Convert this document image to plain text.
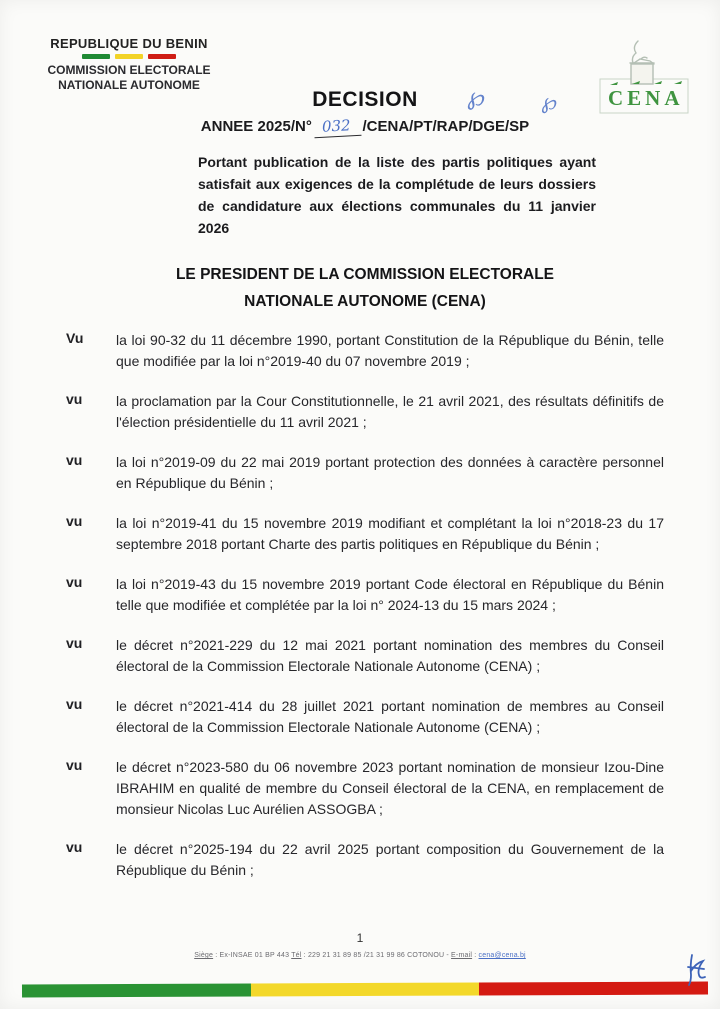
REPUBLIQUE DU BENIN
COMMISSION ELECTORALE
NATIONALE AUTONOME
CENA
℘ ℘
DECISION
ANNEE 2025/N° 032 /CENA/PT/RAP/DGE/SP
Portant publication de la liste des partis politiques ayant satisfait aux exigences de la complétude de leurs dossiers de candidature aux élections communales du 11 janvier 2026
LE PRESIDENT DE LA COMMISSION ELECTORALE
NATIONALE AUTONOME (CENA)
Vu	la loi 90-32 du 11 décembre 1990, portant Constitution de la République du Bénin, telle que modifiée par la loi n°2019-40 du 07 novembre 2019 ;
vu	la proclamation par la Cour Constitutionnelle, le 21 avril 2021, des résultats définitifs de l'élection présidentielle du 11 avril 2021 ;
vu	la loi n°2019-09 du 22 mai 2019 portant protection des données à caractère personnel en République du Bénin ;
vu	la loi n°2019-41 du 15 novembre 2019 modifiant et complétant la loi n°2018-23 du 17 septembre 2018 portant Charte des partis politiques en République du Bénin ;
vu	la loi n°2019-43 du 15 novembre 2019 portant Code électoral en République du Bénin telle que modifiée et complétée par la loi n° 2024-13 du 15 mars 2024 ;
vu	le décret n°2021-229 du 12 mai 2021 portant nomination des membres du Conseil électoral de la Commission Electorale Nationale Autonome (CENA) ;
vu	le décret n°2021-414 du 28 juillet 2021 portant nomination de membres au Conseil électoral de la Commission Electorale Nationale Autonome (CENA) ;
vu	le décret n°2023-580 du 06 novembre 2023 portant nomination de monsieur Izou-Dine IBRAHIM en qualité de membre du Conseil électoral de la CENA, en remplacement de monsieur Nicolas Luc Aurélien ASSOGBA ;
vu	le décret n°2025-194 du 22 avril 2025 portant composition du Gouvernement de la République du Bénin ;
1
Siège : Ex-INSAE 01 BP 443 Tél : 229 21 31 89 85 /21 31 99 86 COTONOU - E-mail : cena@cena.bj
